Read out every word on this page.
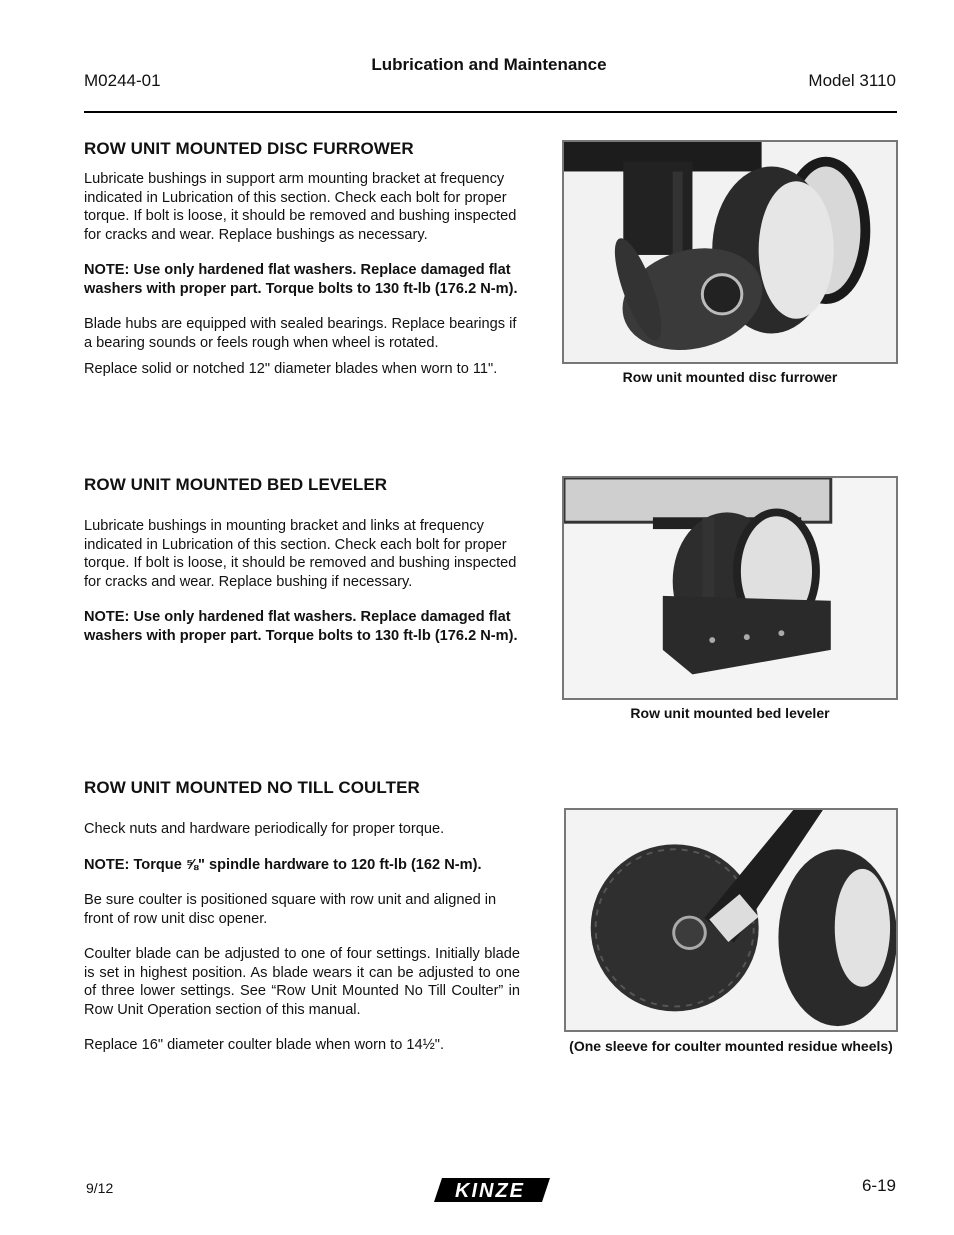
Lubrication and Maintenance
M0244-01	Model 3110
ROW UNIT MOUNTED DISC FURROWER

Lubricate bushings in support arm mounting bracket at frequency indicated in Lubrication of this section. Check each bolt for proper torque. If bolt is loose, it should be removed and bushing inspected for cracks and wear. Replace bushings as necessary.

NOTE: Use only hardened flat washers. Replace damaged flat washers with proper part. Torque bolts to 130 ft-lb (176.2 N-m).

Blade hubs are equipped with sealed bearings. Replace bearings if a bearing sounds or feels rough when wheel is rotated.

Replace solid or notched 12" diameter blades when worn to 11".	Row unit mounted disc furrower
ROW UNIT MOUNTED BED LEVELER

Lubricate bushings in mounting bracket and links at frequency indicated in Lubrication of this section. Check each bolt for proper torque. If bolt is loose, it should be removed and bushing inspected for cracks and wear. Replace bushing if necessary.

NOTE: Use only hardened flat washers. Replace damaged flat washers with proper part. Torque bolts to 130 ft-lb (176.2 N-m).

Row unit mounted bed leveler
ROW UNIT MOUNTED NO TILL COULTER

Check nuts and hardware periodically for proper torque.

NOTE: Torque ⅝" spindle hardware to 120 ft-lb (162 N-m).

Be sure coulter is positioned square with row unit and aligned in front of row unit disc opener.

Coulter blade can be adjusted to one of four settings. Initially blade is set in highest position. As blade wears it can be adjusted to one of three lower settings. See “Row Unit Mounted No Till Coulter” in Row Unit Operation section of this manual.

Replace 16" diameter coulter blade when worn to 14½".	(One sleeve for coulter mounted residue wheels)
9/12	KINZE	6-19
